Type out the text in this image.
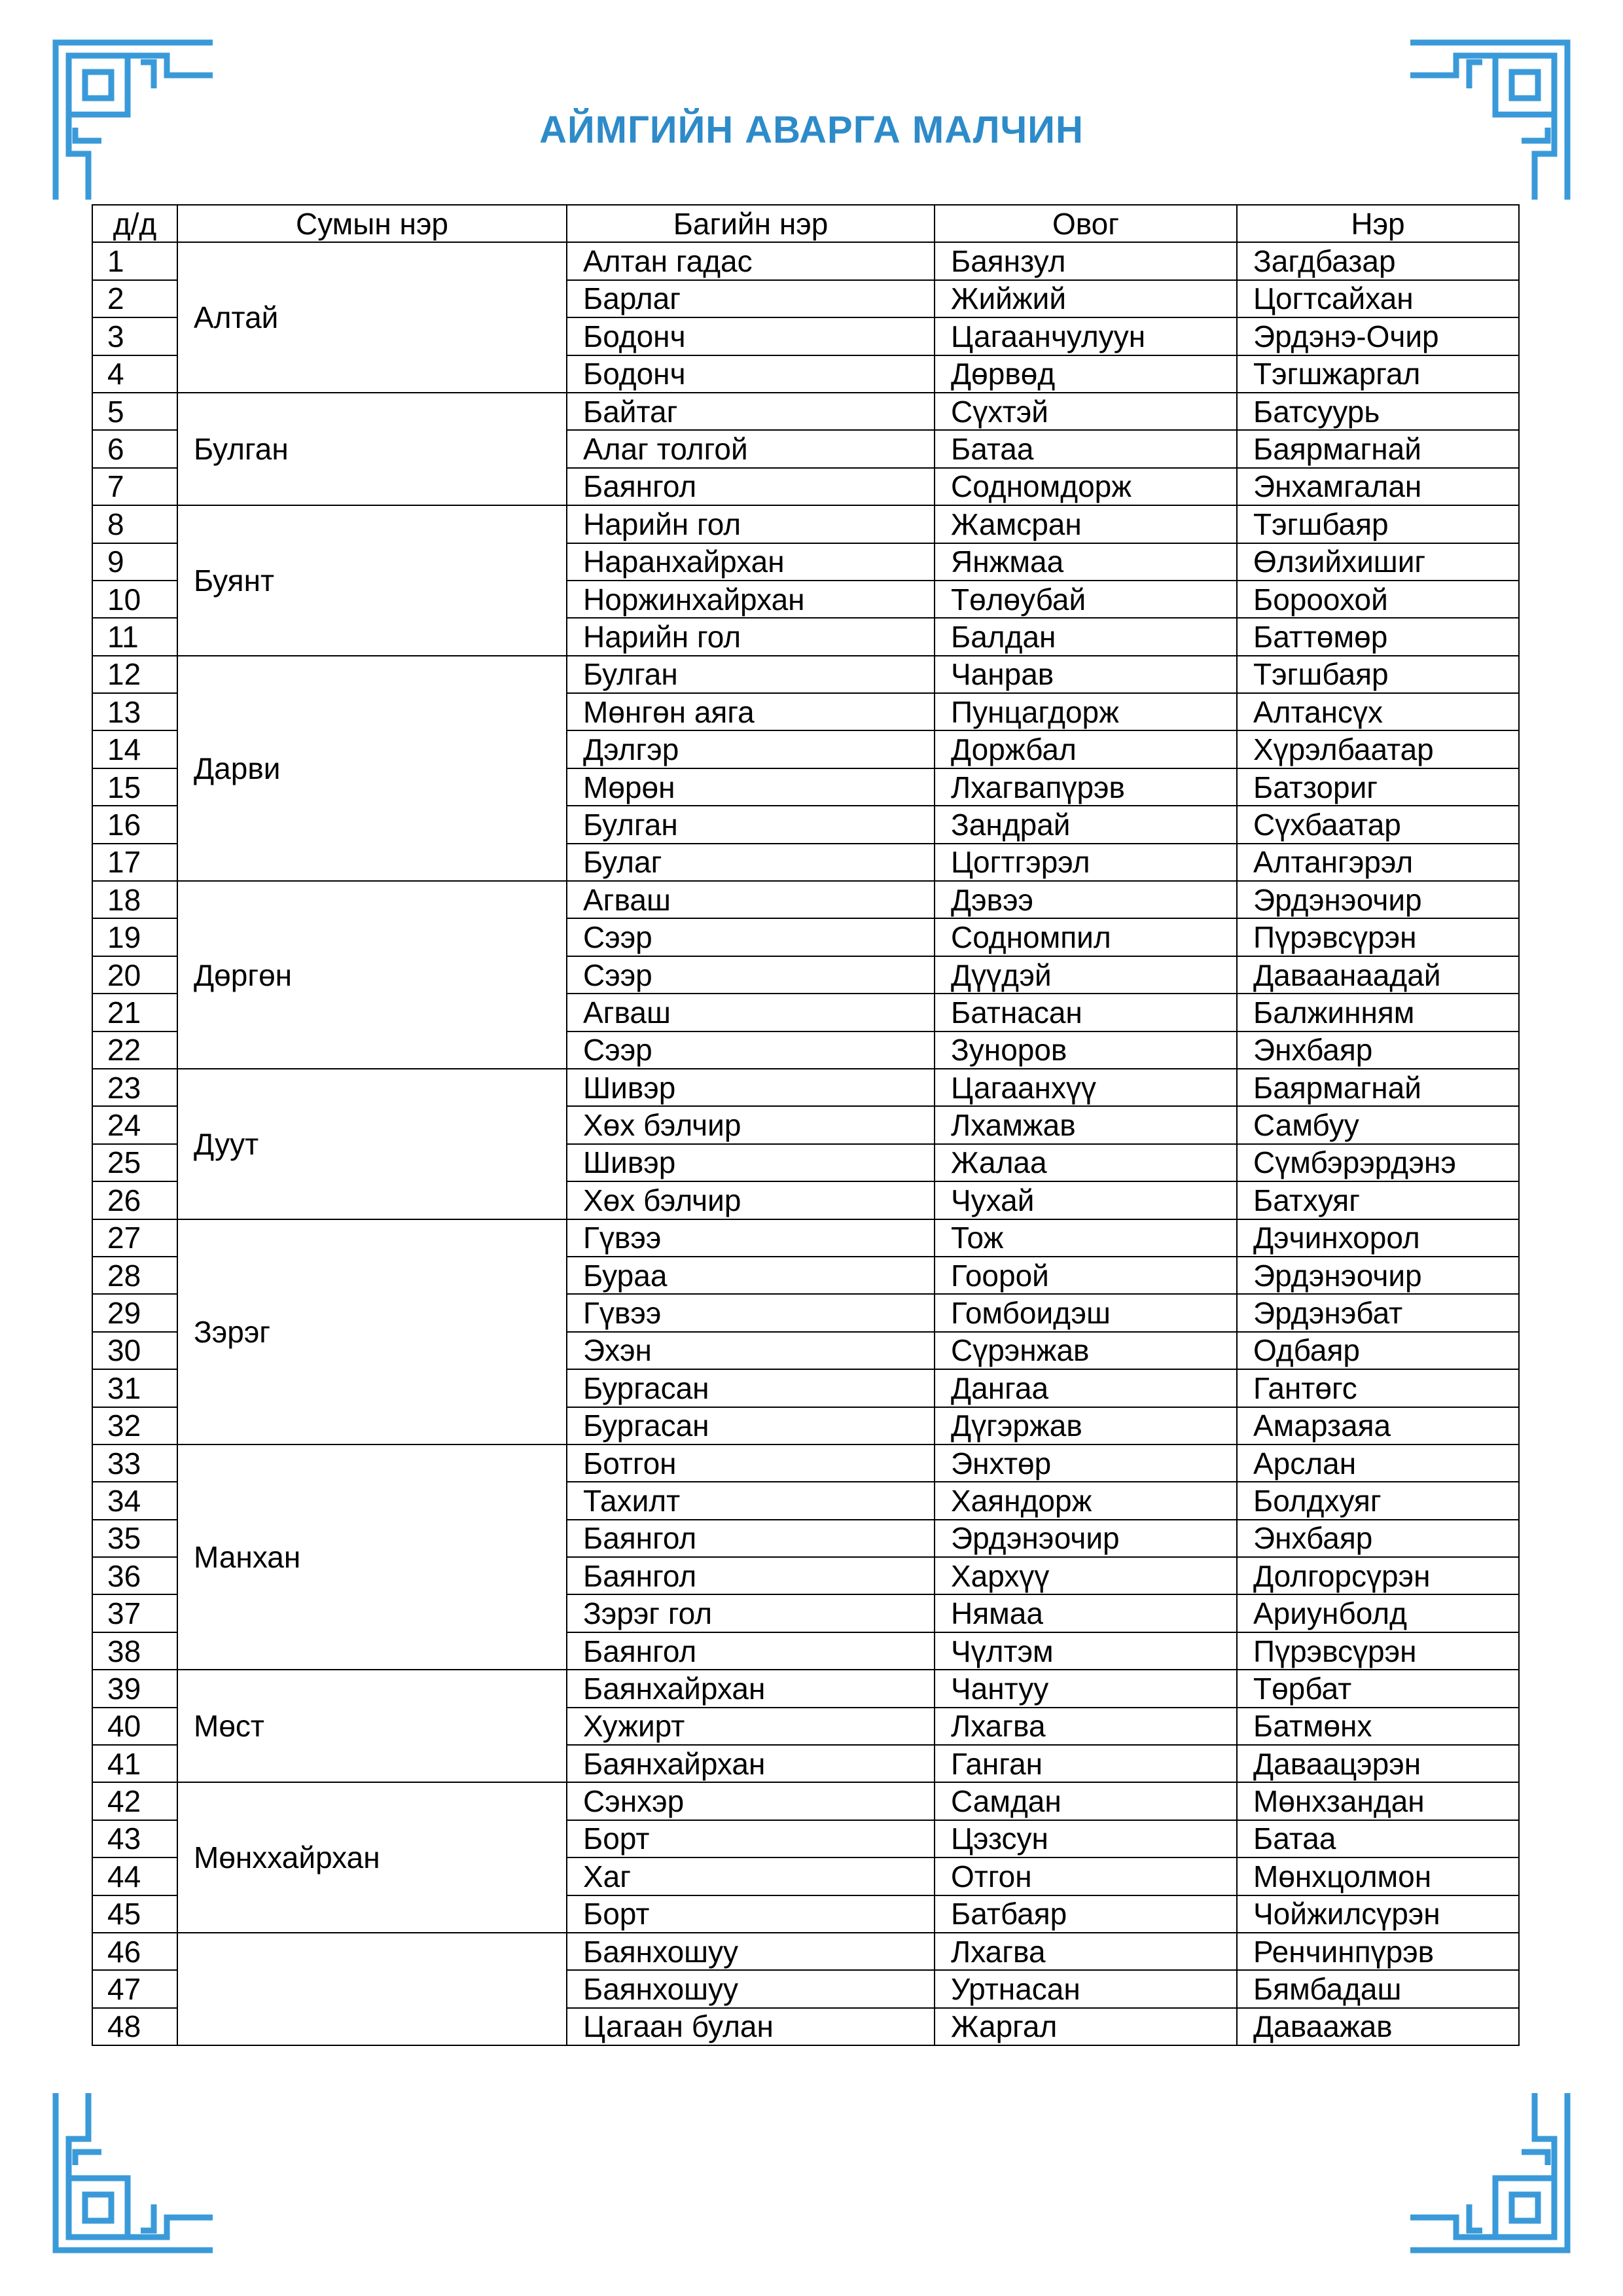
АЙМГИЙН АВАРГА МАЛЧИН
д/д	Сумын нэр	Багийн нэр	Овог	Нэр
1	Алтай	Алтан гадас	Баянзул	Загдбазар
2		Барлаг	Жийжий	Цогтсайхан
3		Бодонч	Цагаанчулуун	Эрдэнэ-Очир
4		Бодонч	Дөрвөд	Тэгшжаргал
5	Булган	Байтаг	Сүхтэй	Батсуурь
6		Алаг толгой	Батаа	Баярмагнай
7		Баянгол	Содномдорж	Энхамгалан
8	Буянт	Нарийн гол	Жамсран	Тэгшбаяр
9		Наранхайрхан	Янжмаа	Өлзийхишиг
10		Норжинхайрхан	Төлөубай	Бороохой
11		Нарийн гол	Балдан	Баттөмөр
12	Дарви	Булган	Чанрав	Тэгшбаяр
13		Мөнгөн аяга	Пунцагдорж	Алтансүх
14		Дэлгэр	Доржбал	Хүрэлбаатар
15		Мөрөн	Лхагвапүрэв	Батзориг
16		Булган	Зандрай	Сүхбаатар
17		Булаг	Цогтгэрэл	Алтангэрэл
18	Дөргөн	Агваш	Дэвээ	Эрдэнэочир
19		Сээр	Содномпил	Пүрэвсүрэн
20		Сээр	Дүүдэй	Даваанаадай
21		Агваш	Батнасан	Балжинням
22		Сээр	Зуноров	Энхбаяр
23	Дуут	Шивэр	Цагаанхүү	Баярмагнай
24		Хөх бэлчир	Лхамжав	Самбуу
25		Шивэр	Жалаа	Сүмбэрэрдэнэ
26		Хөх бэлчир	Чухай	Батхуяг
27	Зэрэг	Гүвээ	Тож	Дэчинхорол
28		Бураа	Гоорой	Эрдэнэочир
29		Гүвээ	Гомбоидэш	Эрдэнэбат
30		Эхэн	Сүрэнжав	Одбаяр
31		Бургасан	Дангаа	Гантөгс
32		Бургасан	Дүгэржав	Амарзаяа
33	Манхан	Ботгон	Энхтөр	Арслан
34		Тахилт	Хаяндорж	Болдхуяг
35		Баянгол	Эрдэнэочир	Энхбаяр
36		Баянгол	Хархүү	Долгорсүрэн
37		Зэрэг гол	Нямаа	Ариунболд
38		Баянгол	Чүлтэм	Пүрэвсүрэн
39	Мөст	Баянхайрхан	Чантуу	Төрбат
40		Хужирт	Лхагва	Батмөнх
41		Баянхайрхан	Ганган	Даваацэрэн
42	Мөнххайрхан	Сэнхэр	Самдан	Мөнхзандан
43		Борт	Цэзсун	Батаа
44		Хаг	Отгон	Мөнхцолмон
45		Борт	Батбаяр	Чойжилсүрэн
46		Баянхошуу	Лхагва	Ренчинпүрэв
47		Баянхошуу	Уртнасан	Бямбадаш
48		Цагаан булан	Жаргал	Даваажав
